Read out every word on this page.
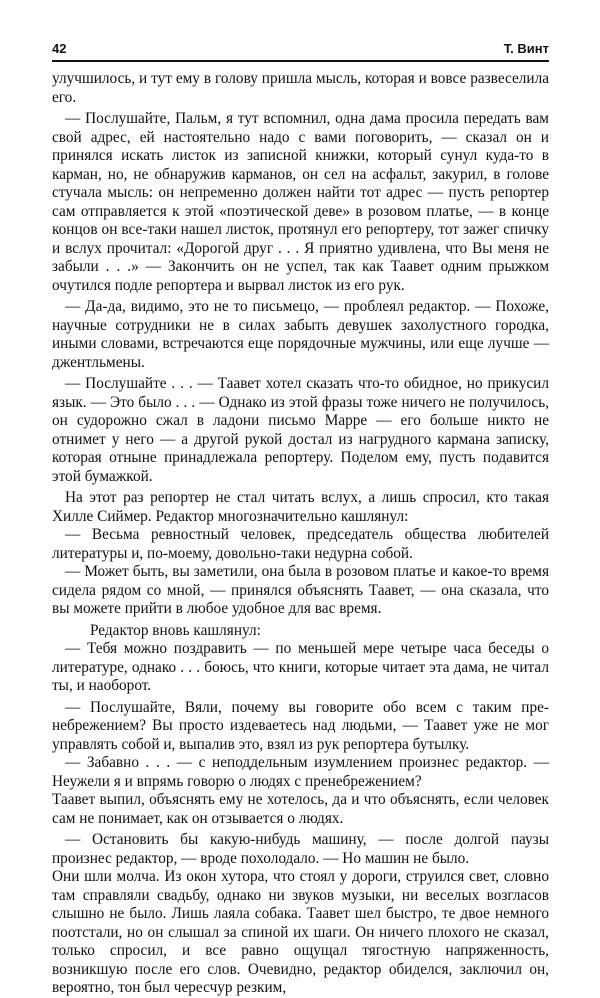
42	Т. Винт

улучшилось, и тут ему в голову пришла мысль, которая и вовсе развеселила его.

— Послушайте, Пальм, я тут вспомнил, одна дама просила передать вам свой адрес, ей настоятельно надо с вами поговорить, — сказал он и принялся искать листок из записной книжки, который сунул куда-то в карман, но, не обнаружив карманов, он сел на асфальт, закурил, в голове стучала мысль: он непременно должен найти тот адрес — пусть репортер сам отправляется к этой «поэтической деве» в розовом платье, — в конце концов он все-таки нашел листок, протянул его репортеру, тот зажег спичку и вслух прочитал: «Дорогой друг . . . Я приятно удивлена, что Вы меня не забыли . . .» — Закончить он не успел, так как Таавет одним прыжком очутился подле репортера и вырвал листок из его рук.

— Да-да, видимо, это не то письмецо, — проблеял редактор. — Похоже, научные сотрудники не в силах забыть девушек захолустного городка, иными словами, встречаются еще порядочные мужчины, или еще лучше — джентльмены.

— Послушайте . . . — Таавет хотел сказать что-то обидное, но прикусил язык. — Это было . . . — Однако из этой фразы тоже ничего не получилось, он судорожно сжал в ладони письмо Марре — его больше никто не отнимет у него — а другой рукой достал из нагрудного кармана записку, которая отныне принадлежала репортеру. Поделом ему, пусть подавится этой бумажкой.

На этот раз репортер не стал читать вслух, а лишь спросил, кто такая Хилле Сиймер. Редактор многозначительно кашлянул:

— Весьма ревностный человек, председатель общества любителей литературы и, по-моему, довольно-таки недурна собой.

— Может быть, вы заметили, она была в розовом платье и какое-то время сидела рядом со мной, — принялся объяснять Таавет, — она сказала, что вы можете прийти в любое удобное для вас время.

Редактор вновь кашлянул:

— Тебя можно поздравить — по меньшей мере четыре часа беседы о литературе, однако . . . боюсь, что книги, которые читает эта дама, не читал ты, и наоборот.

— Послушайте, Вяли, почему вы говорите обо всем с таким пренебрежением? Вы просто издеваетесь над людьми, — Таавет уже не мог управлять собой и, выпалив это, взял из рук репортера бутылку.

— Забавно . . . — с неподдельным изумлением произнес редактор. — Неужели я и впрямь говорю о людях с пренебрежением?

Таавет выпил, объяснять ему не хотелось, да и что объяснять, если человек сам не понимает, как он отзывается о людях.

— Остановить бы какую-нибудь машину, — после долгой паузы произнес редактор, — вроде похолодало. — Но машин не было.

Они шли молча. Из окон хутора, что стоял у дороги, струился свет, словно там справляли свадьбу, однако ни звуков музыки, ни веселых возгласов слышно не было. Лишь лаяла собака. Таавет шел быстро, те двое немного поотстали, но он слышал за спиной их шаги. Он ничего плохого не сказал, только спросил, и все равно ощущал тягостную напряженность, возникшую после его слов. Очевидно, редактор обиделся, заключил он, вероятно, тон был чересчур резким,
